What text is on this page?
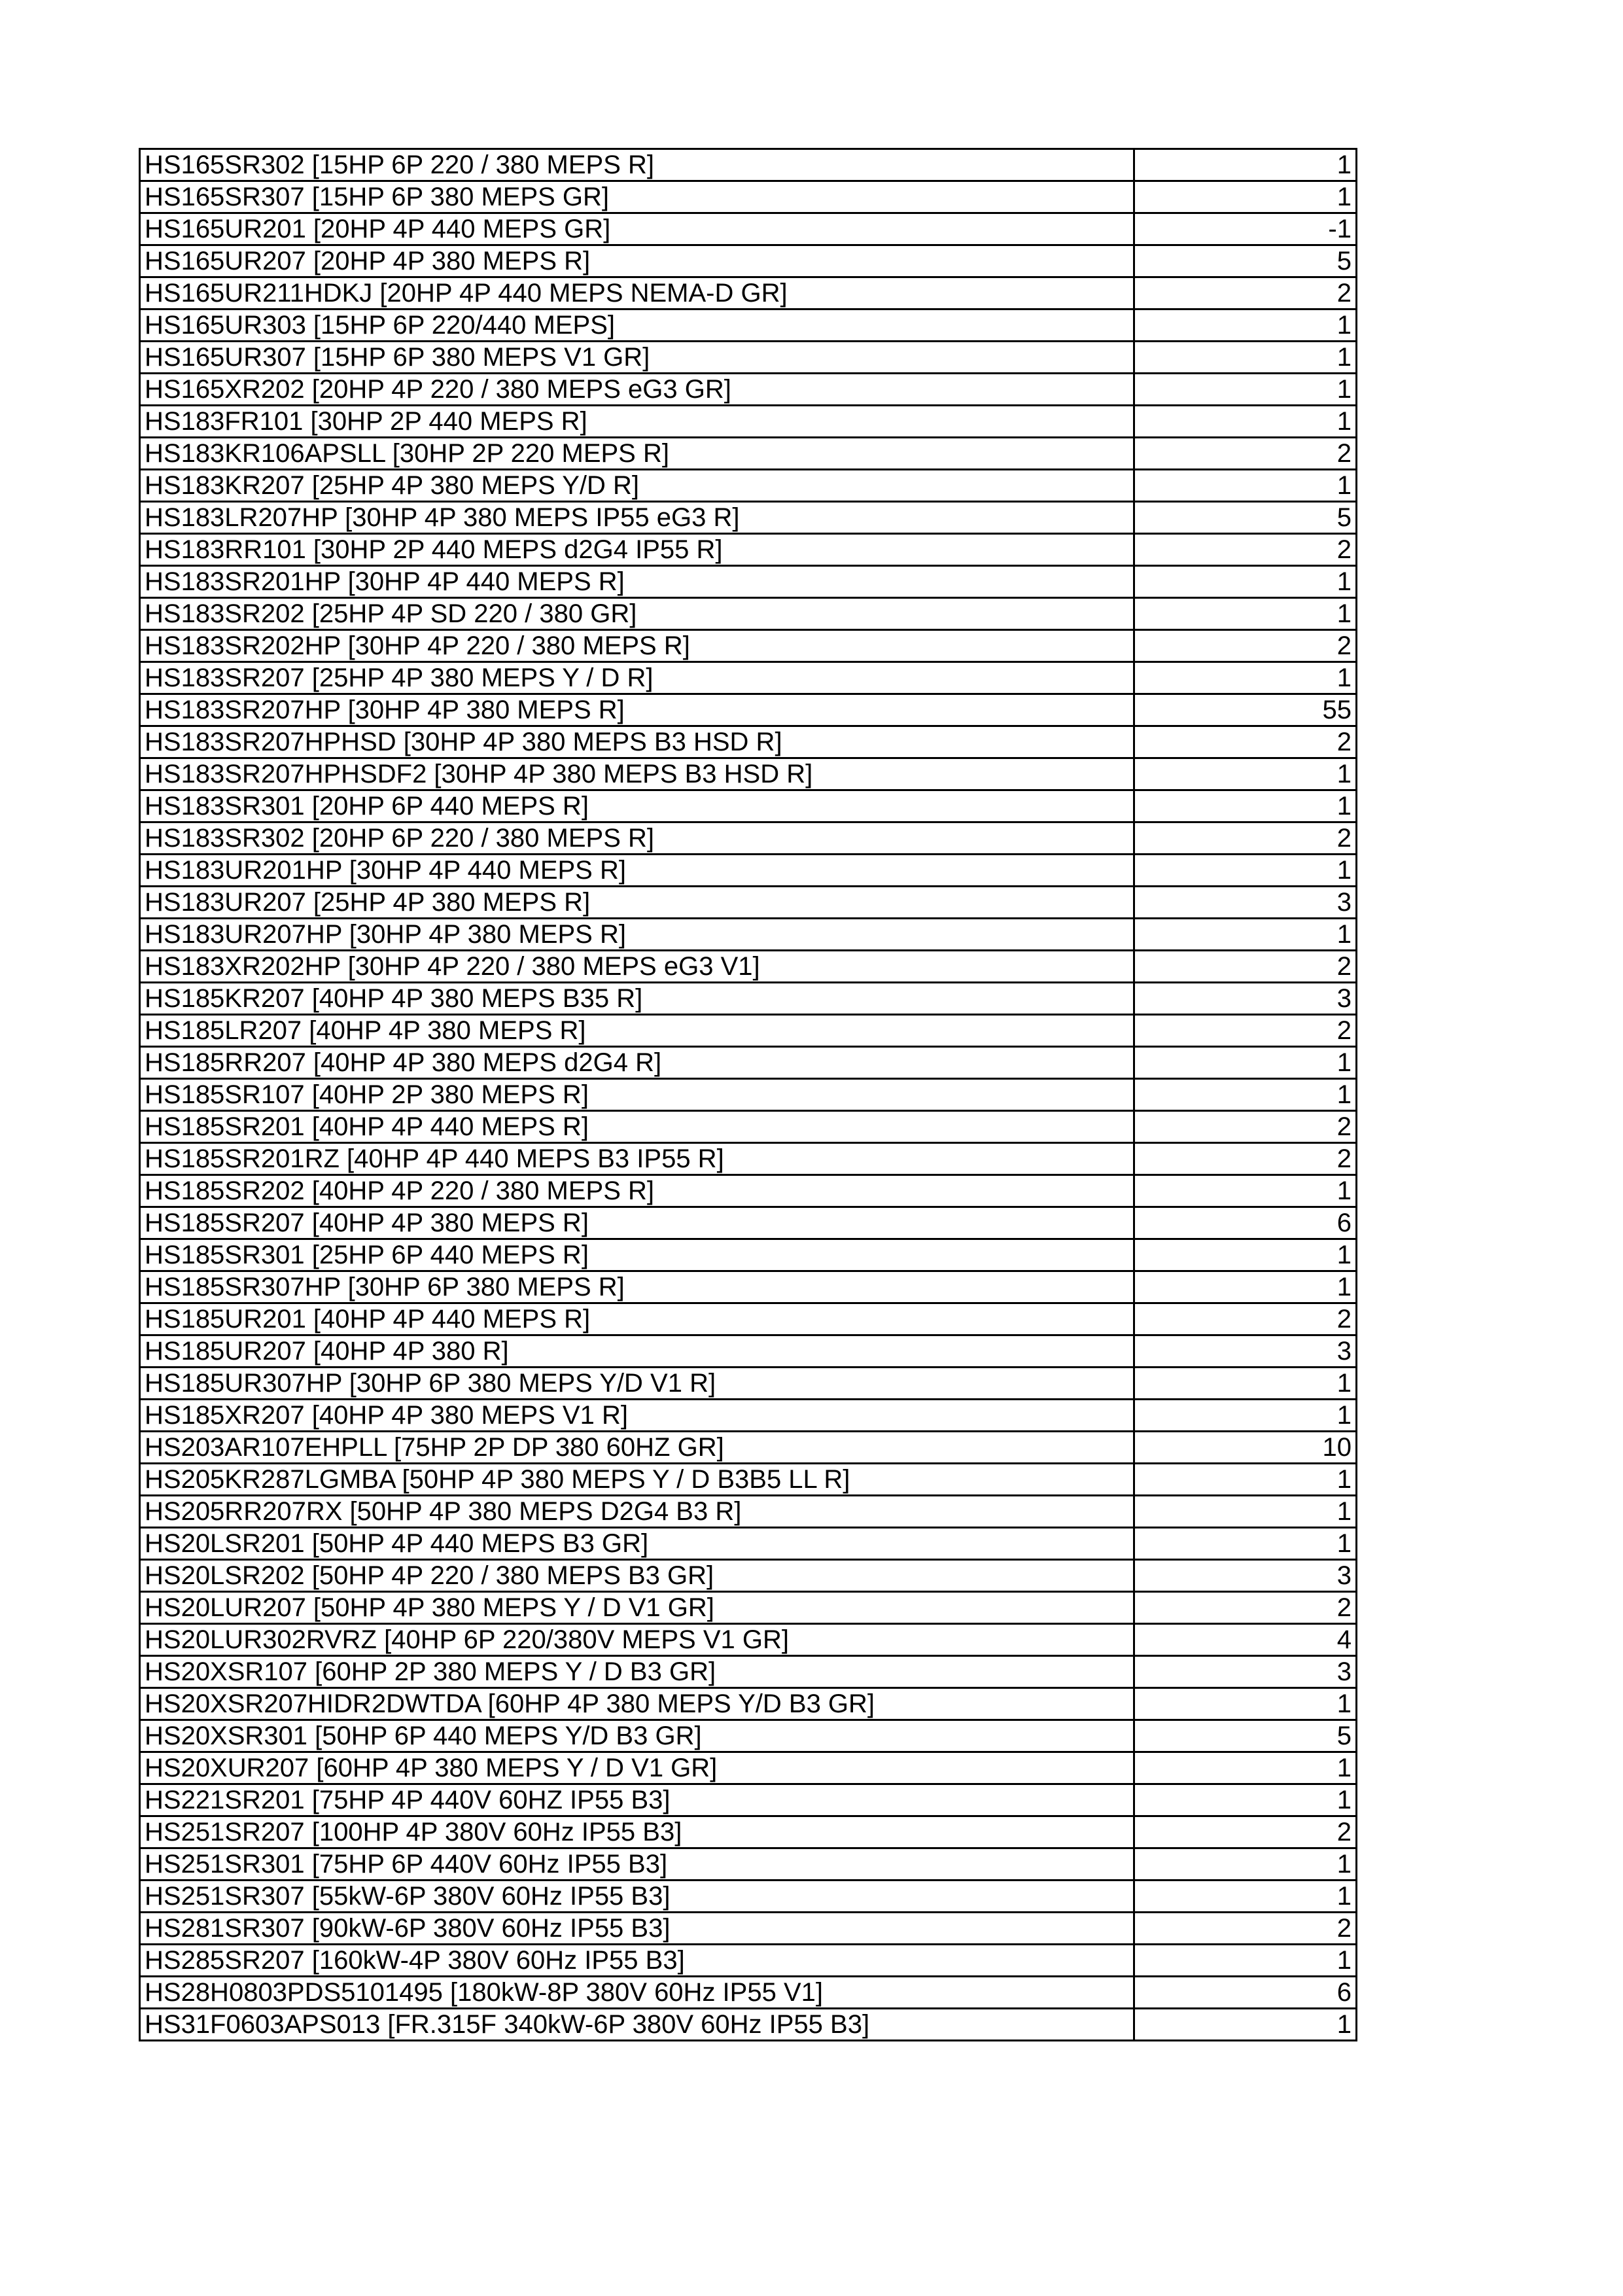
HS165SR302 [15HP 6P 220 / 380 MEPS R]	1
HS165SR307 [15HP 6P 380 MEPS GR]	1
HS165UR201 [20HP 4P 440 MEPS GR]	-1
HS165UR207 [20HP 4P 380 MEPS R]	5
HS165UR211HDKJ [20HP 4P 440 MEPS NEMA-D GR]	2
HS165UR303 [15HP 6P 220/440 MEPS]	1
HS165UR307 [15HP 6P 380 MEPS V1 GR]	1
HS165XR202 [20HP 4P 220 / 380 MEPS eG3 GR]	1
HS183FR101 [30HP 2P 440 MEPS R]	1
HS183KR106APSLL [30HP 2P 220 MEPS R]	2
HS183KR207 [25HP 4P 380 MEPS Y/D R]	1
HS183LR207HP [30HP 4P 380 MEPS IP55 eG3 R]	5
HS183RR101 [30HP 2P 440 MEPS d2G4 IP55 R]	2
HS183SR201HP [30HP 4P 440 MEPS R]	1
HS183SR202 [25HP 4P SD 220 / 380 GR]	1
HS183SR202HP [30HP 4P 220 / 380 MEPS R]	2
HS183SR207 [25HP 4P 380 MEPS Y / D R]	1
HS183SR207HP [30HP 4P 380 MEPS R]	55
HS183SR207HPHSD [30HP 4P 380 MEPS B3 HSD R]	2
HS183SR207HPHSDF2 [30HP 4P 380 MEPS B3 HSD R]	1
HS183SR301 [20HP 6P 440 MEPS R]	1
HS183SR302 [20HP 6P 220 / 380 MEPS R]	2
HS183UR201HP [30HP 4P 440 MEPS R]	1
HS183UR207 [25HP 4P 380 MEPS R]	3
HS183UR207HP [30HP 4P 380 MEPS R]	1
HS183XR202HP [30HP 4P 220 / 380 MEPS eG3 V1]	2
HS185KR207 [40HP 4P 380 MEPS B35 R]	3
HS185LR207 [40HP 4P 380 MEPS R]	2
HS185RR207 [40HP 4P 380 MEPS d2G4 R]	1
HS185SR107 [40HP 2P 380 MEPS R]	1
HS185SR201 [40HP 4P 440 MEPS R]	2
HS185SR201RZ [40HP 4P 440 MEPS B3 IP55 R]	2
HS185SR202 [40HP 4P 220 / 380 MEPS R]	1
HS185SR207 [40HP 4P 380 MEPS R]	6
HS185SR301 [25HP 6P 440 MEPS R]	1
HS185SR307HP [30HP 6P 380 MEPS R]	1
HS185UR201 [40HP 4P 440 MEPS R]	2
HS185UR207 [40HP 4P 380 R]	3
HS185UR307HP [30HP 6P 380 MEPS Y/D V1 R]	1
HS185XR207 [40HP 4P 380 MEPS V1 R]	1
HS203AR107EHPLL [75HP 2P DP 380 60HZ GR]	10
HS205KR287LGMBA [50HP 4P 380 MEPS Y / D B3B5 LL R]	1
HS205RR207RX [50HP 4P 380 MEPS D2G4 B3 R]	1
HS20LSR201 [50HP 4P 440 MEPS B3 GR]	1
HS20LSR202 [50HP 4P 220 / 380 MEPS B3 GR]	3
HS20LUR207 [50HP 4P 380 MEPS Y / D V1 GR]	2
HS20LUR302RVRZ [40HP 6P 220/380V MEPS V1 GR]	4
HS20XSR107 [60HP 2P 380 MEPS Y / D B3 GR]	3
HS20XSR207HIDR2DWTDA [60HP 4P 380 MEPS Y/D B3 GR]	1
HS20XSR301 [50HP 6P 440 MEPS Y/D B3 GR]	5
HS20XUR207 [60HP 4P 380 MEPS Y / D V1 GR]	1
HS221SR201 [75HP 4P 440V 60HZ IP55 B3]	1
HS251SR207 [100HP 4P 380V 60Hz IP55 B3]	2
HS251SR301 [75HP 6P 440V 60Hz IP55 B3]	1
HS251SR307 [55kW-6P 380V 60Hz IP55 B3]	1
HS281SR307 [90kW-6P 380V 60Hz IP55 B3]	2
HS285SR207 [160kW-4P 380V 60Hz IP55 B3]	1
HS28H0803PDS5101495 [180kW-8P 380V 60Hz IP55 V1]	6
HS31F0603APS013 [FR.315F 340kW-6P 380V 60Hz IP55 B3]	1
